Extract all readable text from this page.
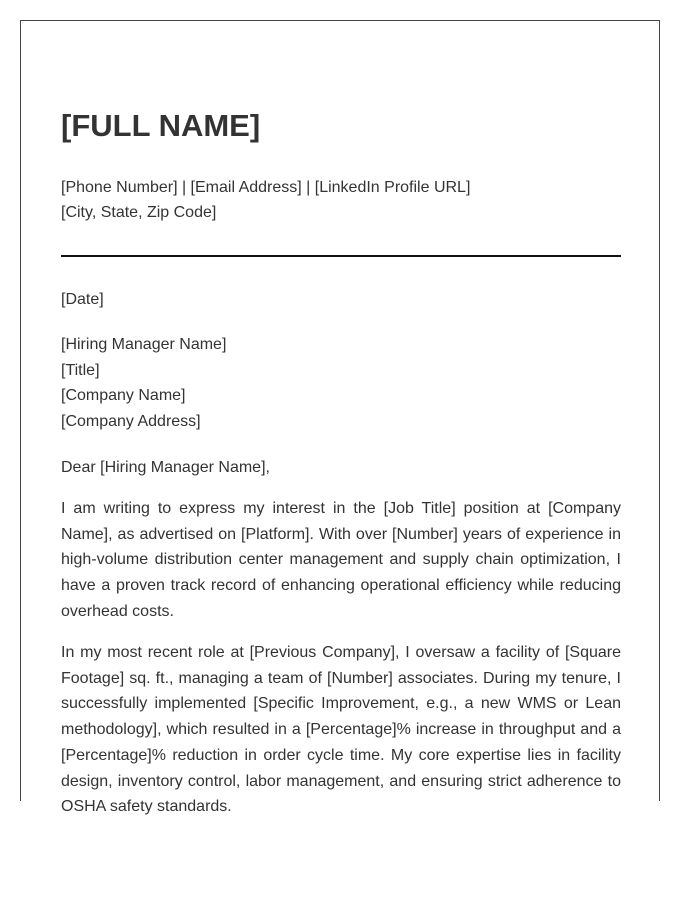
[FULL NAME]
[Phone Number] | [Email Address] | [LinkedIn Profile URL]
[City, State, Zip Code]
[Date]
[Hiring Manager Name]
[Title]
[Company Name]
[Company Address]
Dear [Hiring Manager Name],

I am writing to express my interest in the [Job Title] position at [Company Name], as advertised on [Platform]. With over [Number] years of experience in high-volume distribution center management and supply chain optimization, I have a proven track record of enhancing operational efficiency while reducing overhead costs.

In my most recent role at [Previous Company], I oversaw a facility of [Square Footage] sq. ft., managing a team of [Number] associates. During my tenure, I successfully implemented [Specific Improvement, e.g., a new WMS or Lean methodology], which resulted in a [Percentage]% increase in throughput and a [Percentage]% reduction in order cycle time. My core expertise lies in facility design, inventory control, labor management, and ensuring strict adherence to OSHA safety standards.
